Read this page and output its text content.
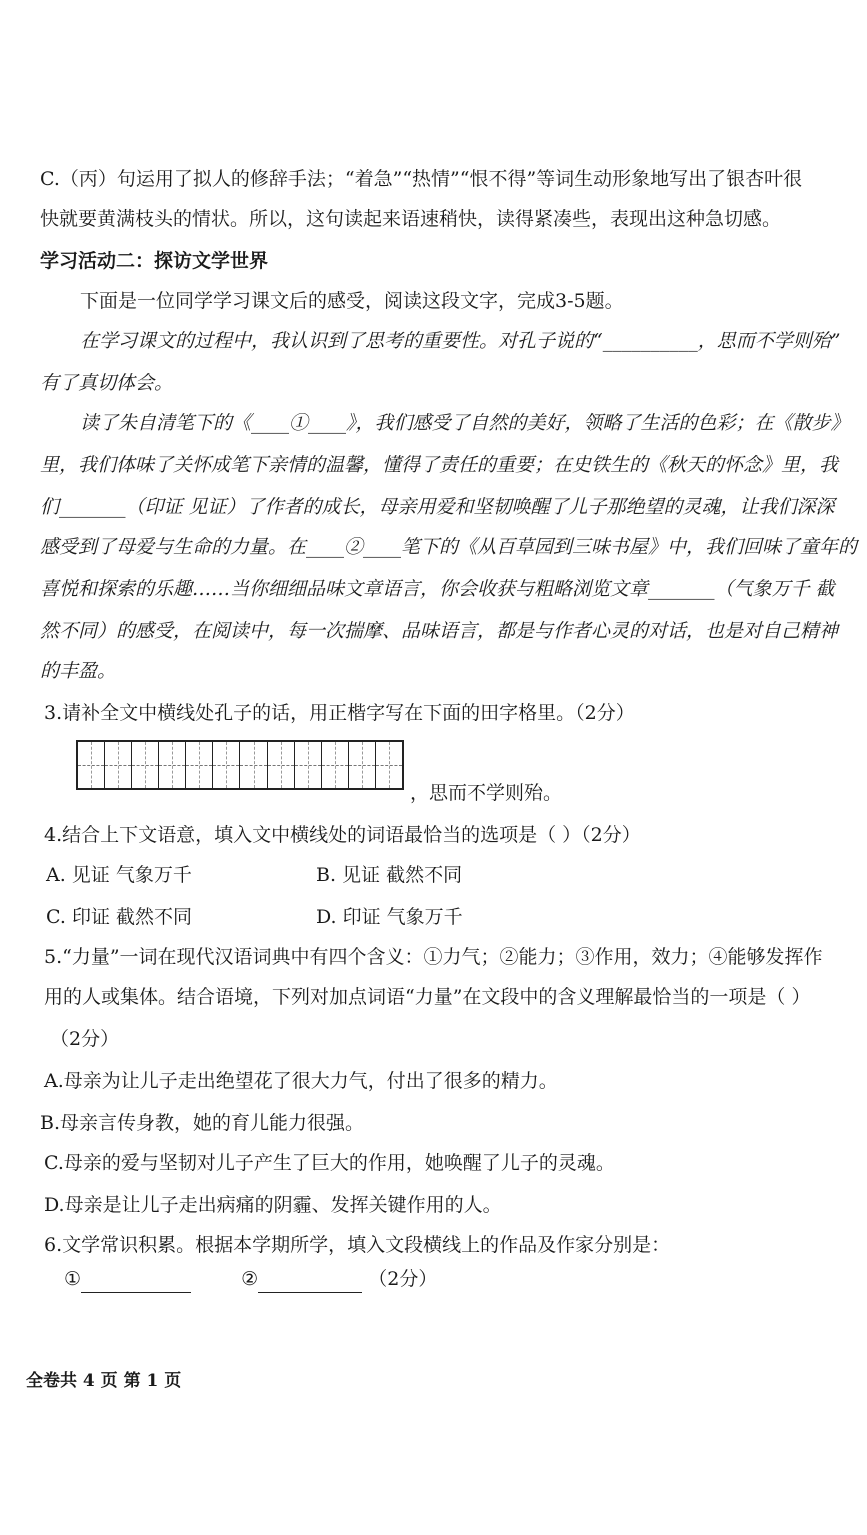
C.（丙）句运用了拟人的修辞手法；“着急”“热情”“恨不得”等词生动形象地写出了银杏叶很
快就要黄满枝头的情状。所以，这句读起来语速稍快，读得紧凑些，表现出这种急切感。
学习活动二：探访文学世界
下面是一位同学学习课文后的感受，阅读这段文字，完成3-5题。
在学习课文的过程中，我认识到了思考的重要性。对孔子说的“__________，思而不学则殆”
有了真切体会。
读了朱自清笔下的《____①____》，我们感受了自然的美好，领略了生活的色彩；在《散步》
里，我们体味了关怀成笔下亲情的温馨，懂得了责任的重要；在史铁生的《秋天的怀念》里，我
们_______（印证 见证）了作者的成长，母亲用爱和坚韧唤醒了儿子那绝望的灵魂，让我们深深
感受到了母爱与生命的力量。在____②____笔下的《从百草园到三味书屋》中，我们回味了童年的
喜悦和探索的乐趣……当你细细品味文章语言，你会收获与粗略浏览文章_______（气象万千 截
然不同）的感受，在阅读中，每一次揣摩、品味语言，都是与作者心灵的对话，也是对自己精神
的丰盈。
3.请补全文中横线处孔子的话，用正楷字写在下面的田字格里。（2分）
，思而不学则殆。
4.结合上下文语意，填入文中横线处的词语最恰当的选项是（ ）（2分）
A. 见证 气象万千	B. 见证 截然不同
C. 印证 截然不同	D. 印证 气象万千
5.“力量”一词在现代汉语词典中有四个含义：①力气；②能力；③作用，效力；④能够发挥作
用的人或集体。结合语境，下列对加点词语“力量”在文段中的含义理解最恰当的一项是（ ）
（2分）
A.母亲为让儿子走出绝望花了很大力气，付出了很多的精力。
B.母亲言传身教，她的育儿能力很强。
C.母亲的爱与坚韧对儿子产生了巨大的作用，她唤醒了儿子的灵魂。
D.母亲是让儿子走出病痛的阴霾、发挥关键作用的人。
6.文学常识积累。根据本学期所学，填入文段横线上的作品及作家分别是：
①	②	（2分）
全卷共 4 页 第 1 页
